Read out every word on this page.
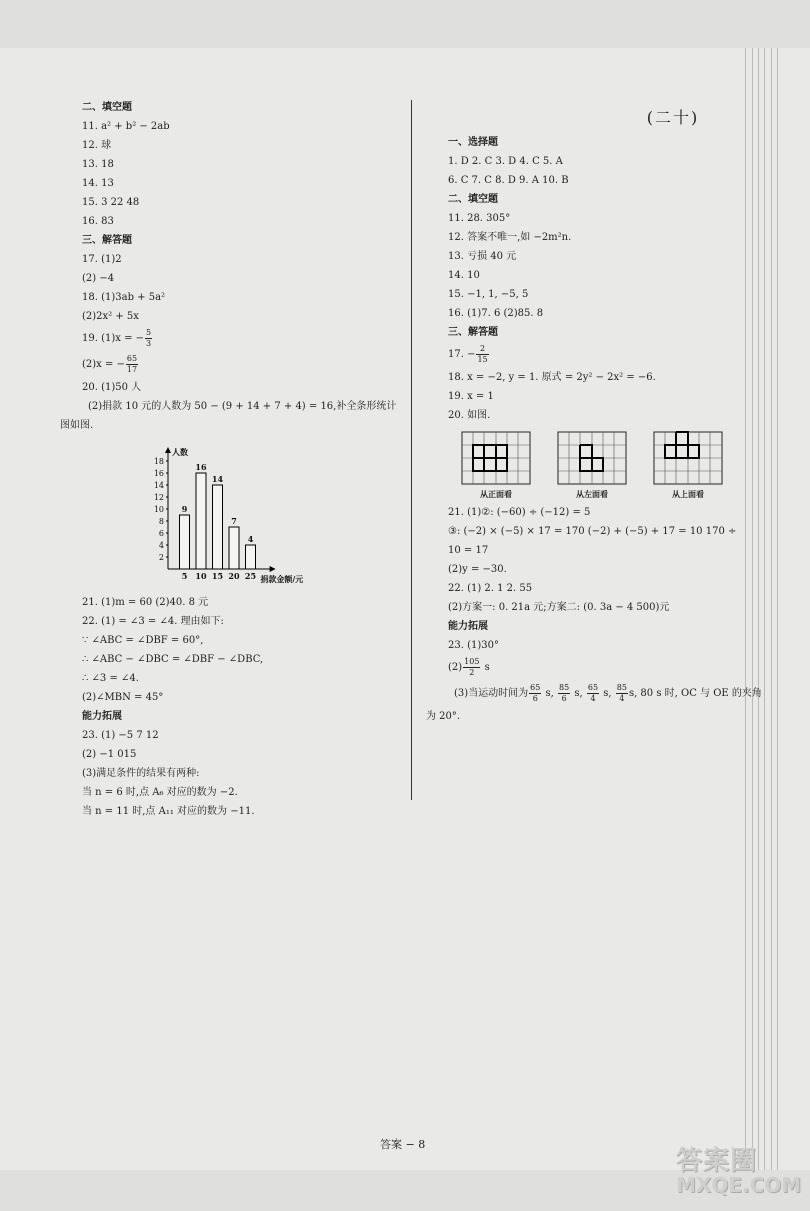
二、填空题
11. a² + b² − 2ab
12. 球
13. 18
14. 13
15. 3 22 48
16. 83
三、解答题
17. (1)2
(2) −4
18. (1)3ab + 5a²
(2)2x² + 5x
19. (1)x = − $\frac{5}{3}$
(2)x = − $\frac{65}{17}$
20. (1)50 人
(2)捐款 10 元的人数为 50 − (9 + 14 + 7 + 4) = 16,补全条形统计
图如图.
2
4
6
8
10
12
14
16
18
人数
9
5
16
10
14
15
7
20
4
25 捐款金额/元
21. (1)m = 60 (2)40. 8 元
22. (1) = ∠3 = ∠4. 理由如下:
∵ ∠ABC = ∠DBF = 60°,
∴ ∠ABC − ∠DBC = ∠DBF − ∠DBC,
∴ ∠3 = ∠4.
(2)∠MBN = 45°
能力拓展
23. (1) −5 7 12
(2) −1 015
(3)满足条件的结果有两种:
当 n = 6 时,点 A₆ 对应的数为 −2.
当 n = 11 时,点 A₁₁ 对应的数为 −11.
(二十)
一、选择题
1. D 2. C 3. D 4. C 5. A
6. C 7. C 8. D 9. A 10. B
二、填空题
11. 28. 305°
12. 答案不唯一,如 −2m²n.
13. 亏损 40 元
14. 10
15. −1, 1, −5, 5
16. (1)7. 6 (2)85. 8
三、解答题
17. − $\frac{2}{15}$
18. x = −2, y = 1. 原式 = 2y² − 2x² = −6.
19. x = 1
20. 如图.
从正面看	从左面看	从上面看
21. (1)②: (−60) ÷ (−12) = 5
③: (−2) × (−5) × 17 = 170 (−2) + (−5) + 17 = 10 170 ÷
10 = 17
(2)y = −30.
22. (1) 2. 1 2. 55
(2)方案一: 0. 21a 元;方案二: (0. 3a − 4 500)元
能力拓展
23. (1)30°
$(2) \frac{105}{2}$ s
(3)当运动时间为 $\frac{65}{6} s$, $\frac{85}{6} s$, $\frac{65}{4} s$, $\frac{85}{4} s$, 80 s 时, OC 与 OE 的夹角
为 20°.
答案 − 8
答案圈
MXQE.COM
